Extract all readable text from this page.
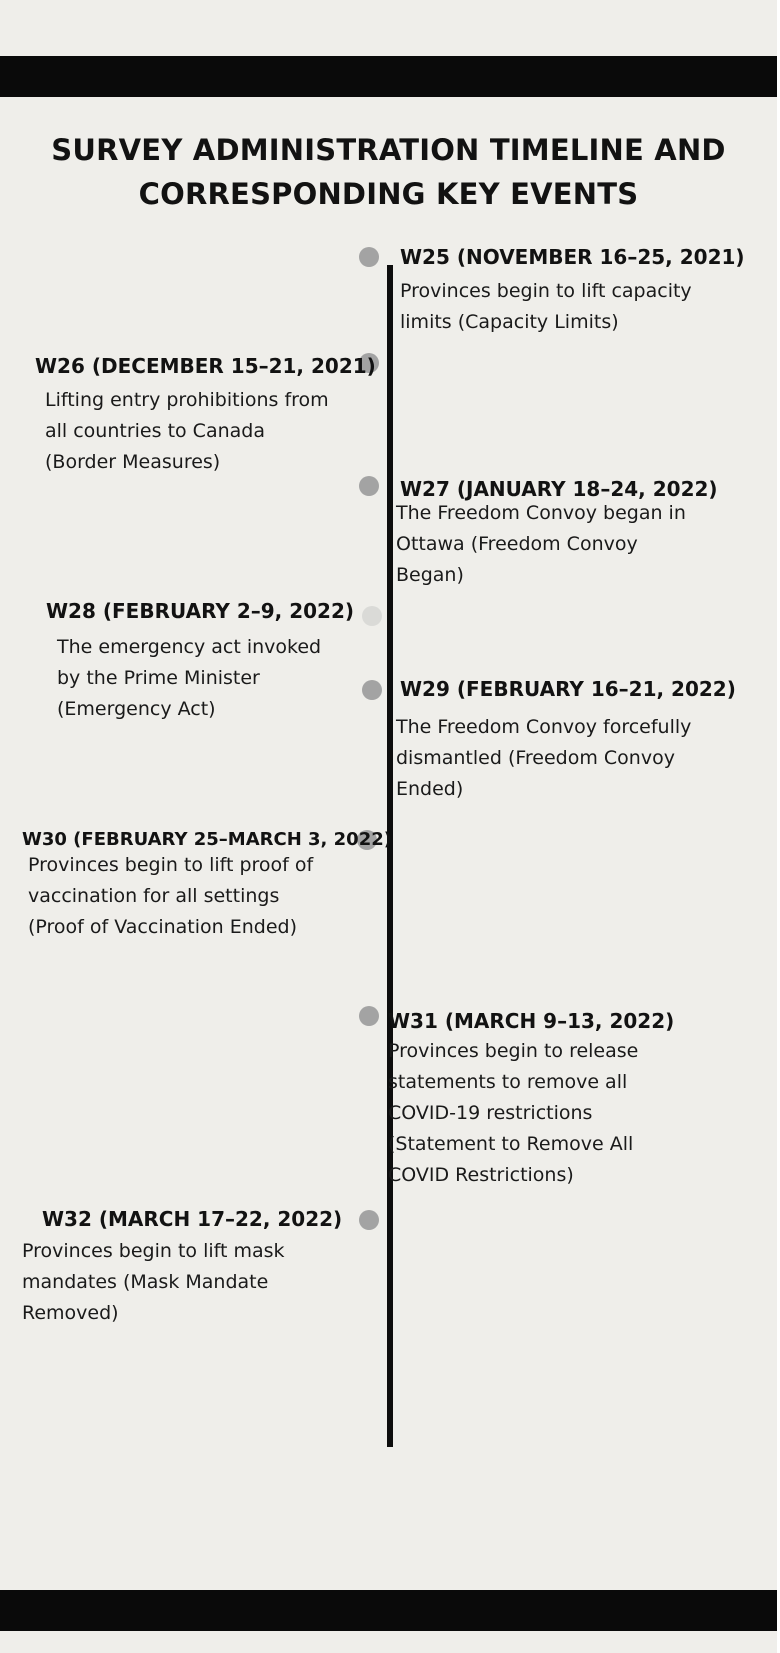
SURVEY ADMINISTRATION TIMELINE AND
CORRESPONDING KEY EVENTS
W25 (NOVEMBER 16–25, 2021)
Provinces begin to lift capacity
limits (Capacity Limits)
W26 (DECEMBER 15–21, 2021)
Lifting entry prohibitions from
all countries to Canada
(Border Measures)
W27 (JANUARY 18–24, 2022)
The Freedom Convoy began in
Ottawa (Freedom Convoy
Began)
W28 (FEBRUARY 2–9, 2022)
The emergency act invoked
by the Prime Minister
(Emergency Act)
W29 (FEBRUARY 16–21, 2022)
The Freedom Convoy forcefully
dismantled (Freedom Convoy
Ended)
W30 (FEBRUARY 25–MARCH 3, 2022)
Provinces begin to lift proof of
vaccination for all settings
(Proof of Vaccination Ended)
W31 (MARCH 9–13, 2022)
Provinces begin to release
statements to remove all
COVID-19 restrictions
(Statement to Remove All
COVID Restrictions)
W32 (MARCH 17–22, 2022)
Provinces begin to lift mask
mandates (Mask Mandate
Removed)
